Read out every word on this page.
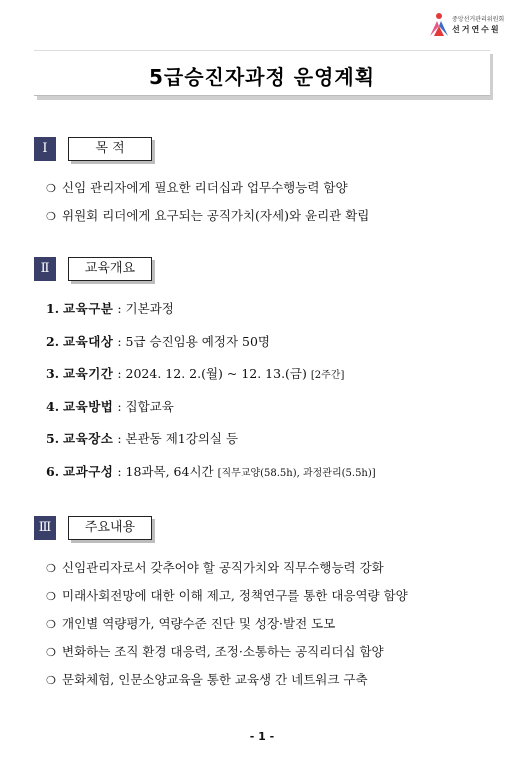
중앙선거관리위원회
선거연수원
5급승진자과정 운영계획
Ⅰ	목 적
❍ 신임 관리자에게 필요한 리더십과 업무수행능력 함양
❍ 위원회 리더에게 요구되는 공직가치(자세)와 윤리관 확립
Ⅱ	교육개요
1. 교육구분 : 기본과정
2. 교육대상 : 5급 승진임용 예정자 50명
3. 교육기간 : 2024. 12. 2.(월) ~ 12. 13.(금) [2주간]
4. 교육방법 : 집합교육
5. 교육장소 : 본관동 제1강의실 등
6. 교과구성 : 18과목, 64시간 [직무교양(58.5h), 과정관리(5.5h)]
Ⅲ	주요내용
❍ 신임관리자로서 갖추어야 할 공직가치와 직무수행능력 강화
❍ 미래사회전망에 대한 이해 제고, 정책연구를 통한 대응역량 함양
❍ 개인별 역량평가, 역량수준 진단 및 성장·발전 도모
❍ 변화하는 조직 환경 대응력, 조정·소통하는 공직리더십 함양
❍ 문화체험, 인문소양교육을 통한 교육생 간 네트워크 구축
- 1 -
